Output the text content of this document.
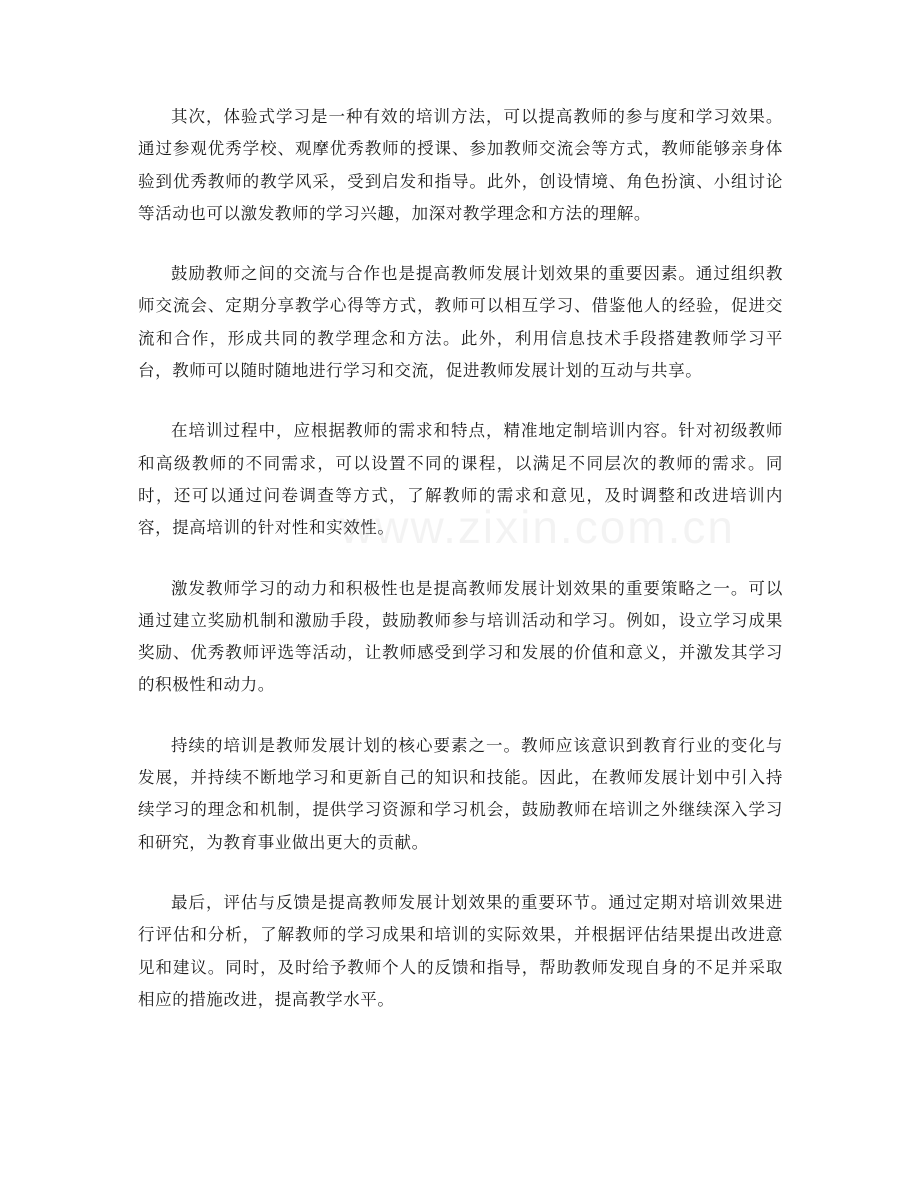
其次，体验式学习是一种有效的培训方法，可以提高教师的参与度和学习效果。通过参观优秀学校、观摩优秀教师的授课、参加教师交流会等方式，教师能够亲身体验到优秀教师的教学风采，受到启发和指导。此外，创设情境、角色扮演、小组讨论等活动也可以激发教师的学习兴趣，加深对教学理念和方法的理解。

鼓励教师之间的交流与合作也是提高教师发展计划效果的重要因素。通过组织教师交流会、定期分享教学心得等方式，教师可以相互学习、借鉴他人的经验，促进交流和合作，形成共同的教学理念和方法。此外，利用信息技术手段搭建教师学习平台，教师可以随时随地进行学习和交流，促进教师发展计划的互动与共享。

在培训过程中，应根据教师的需求和特点，精准地定制培训内容。针对初级教师和高级教师的不同需求，可以设置不同的课程，以满足不同层次的教师的需求。同时，还可以通过问卷调查等方式，了解教师的需求和意见，及时调整和改进培训内容，提高培训的针对性和实效性。

激发教师学习的动力和积极性也是提高教师发展计划效果的重要策略之一。可以通过建立奖励机制和激励手段，鼓励教师参与培训活动和学习。例如，设立学习成果奖励、优秀教师评选等活动，让教师感受到学习和发展的价值和意义，并激发其学习的积极性和动力。

持续的培训是教师发展计划的核心要素之一。教师应该意识到教育行业的变化与发展，并持续不断地学习和更新自己的知识和技能。因此，在教师发展计划中引入持续学习的理念和机制，提供学习资源和学习机会，鼓励教师在培训之外继续深入学习和研究，为教育事业做出更大的贡献。

最后，评估与反馈是提高教师发展计划效果的重要环节。通过定期对培训效果进行评估和分析，了解教师的学习成果和培训的实际效果，并根据评估结果提出改进意见和建议。同时，及时给予教师个人的反馈和指导，帮助教师发现自身的不足并采取相应的措施改进，提高教学水平。
